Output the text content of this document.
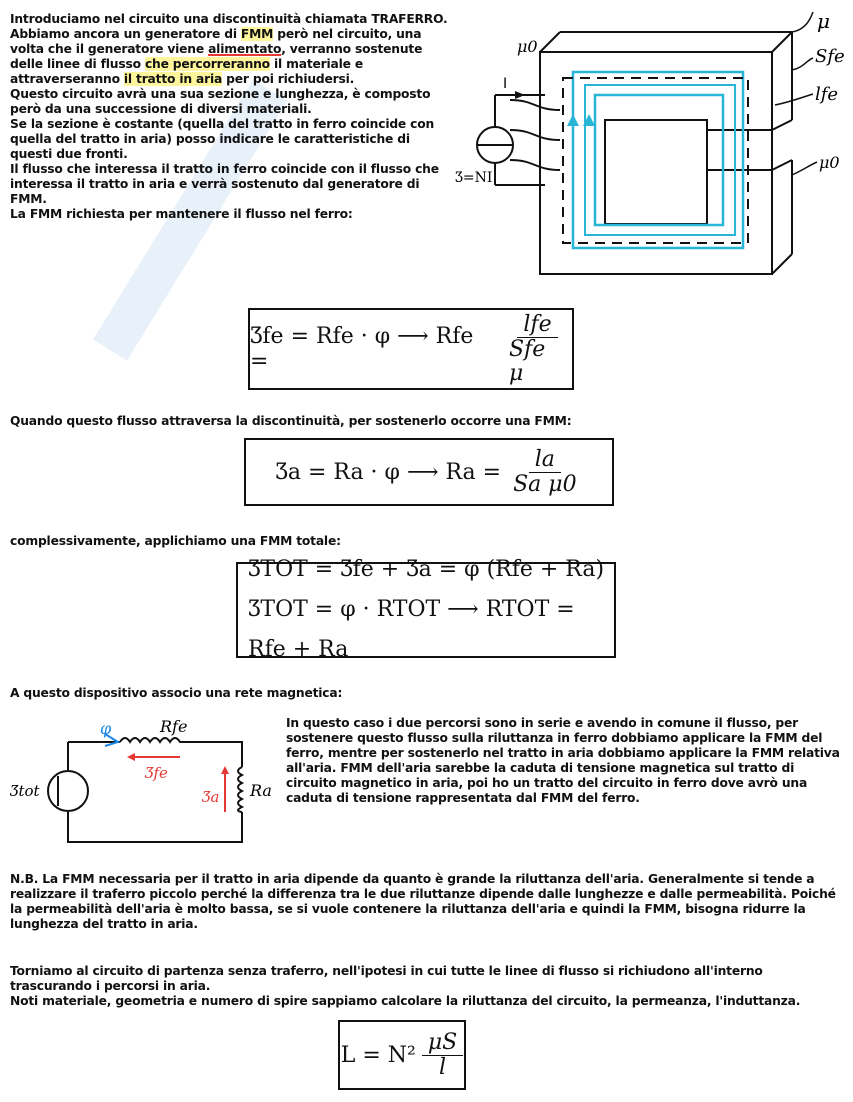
Introduciamo nel circuito una discontinuità chiamata TRAFERRO.

Abbiamo ancora un generatore di FMM però nel circuito, una volta che il generatore viene alimentato, verranno sostenute delle linee di flusso che percorreranno il materiale e attraverseranno il tratto in aria per poi richiudersi.

Questo circuito avrà una sua sezione e lunghezza, è composto però da una successione di diversi materiali.

Se la sezione è costante (quella del tratto in ferro coincide con quella del tratto in aria) posso indicare le caratteristiche di questi due fronti.

Il flusso che interessa il tratto in ferro coincide con il flusso che interessa il tratto in aria e verrà sostenuto dal generatore di FMM.

La FMM richiesta per mantenere il flusso nel ferro:

μ
Sfe
lfe
μ0
μ0
I
Ʒ=NI
Ʒfe = Rfe · φ ⟶ Rfe =	$\frac{\text{lfe}}{\text{Sfe μ}}$
Quando questo flusso attraversa la discontinuità, per sostenerlo occorre una FMM:
Ʒa = Ra · φ ⟶ $Ra = \frac{la}{\text{Sa μ0}}$
complessivamente, applichiamo una FMM totale:
ƷTOT = Ʒfe + Ʒa = φ (Rfe + Ra)
ƷTOT = φ · RTOT ⟶ RTOT = Rfe + Ra
A questo dispositivo associo una rete magnetica:
φ	Rfe
Ʒfe
Ʒa Ra
Ʒtot
In questo caso i due percorsi sono in serie e avendo in comune il flusso, per sostenere questo flusso sulla riluttanza in ferro dobbiamo applicare la FMM del ferro, mentre per sostenerlo nel tratto in aria dobbiamo applicare la FMM relativa all'aria. FMM dell'aria sarebbe la caduta di tensione magnetica sul tratto di circuito magnetico in aria, poi ho un tratto del circuito in ferro dove avrò una caduta di tensione rappresentata dal FMM del ferro.
N.B. La FMM necessaria per il tratto in aria dipende da quanto è grande la riluttanza dell'aria. Generalmente si tende a realizzare il traferro piccolo perché la differenza tra le due riluttanze dipende dalle lunghezze e dalle permeabilità. Poiché la permeabilità dell'aria è molto bassa, se si vuole contenere la riluttanza dell'aria e quindi la FMM, bisogna ridurre la lunghezza del tratto in aria.
Torniamo al circuito di partenza senza traferro, nell'ipotesi in cui tutte le linee di flusso si richiudono all'interno trascurando i percorsi in aria.
Noti materiale, geometria e numero di spire sappiamo calcolare la riluttanza del circuito, la permeanza, l'induttanza.
$L = N^2 \frac{\mu S}{l}$
